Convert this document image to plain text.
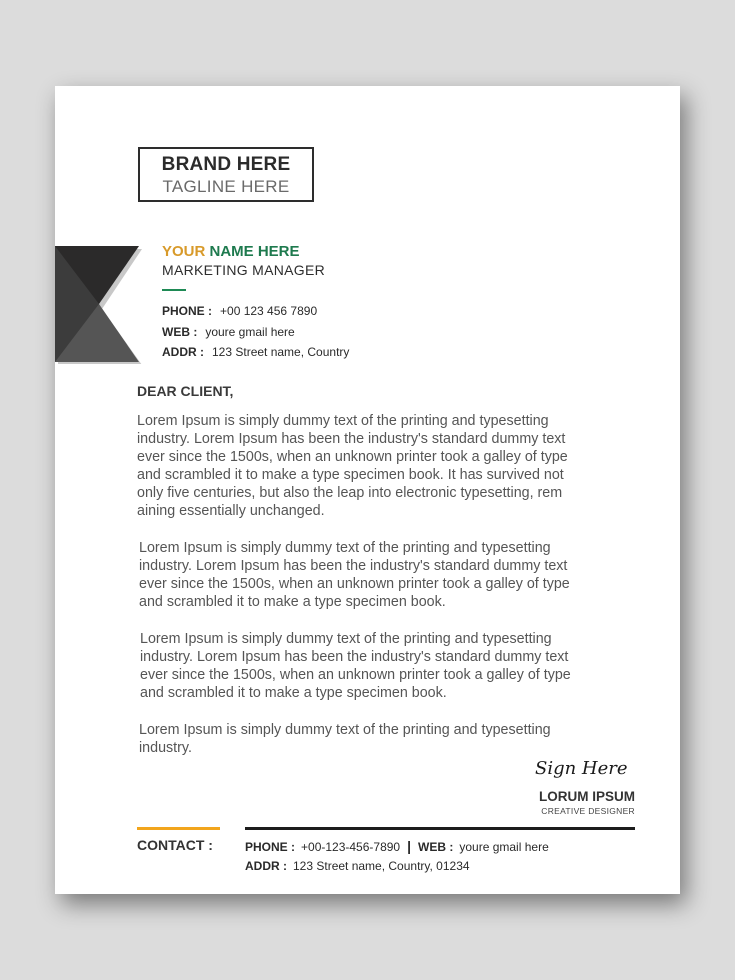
BRAND HERE
TAGLINE HERE
YOUR NAME HERE
MARKETING MANAGER
PHONE : +00 123 456 7890
WEB : youre gmail here
ADDR : 123 Street name, Country
DEAR CLIENT,

Lorem Ipsum is simply dummy text of the printing and typesetting
industry. Lorem Ipsum has been the industry's standard dummy text
ever since the 1500s, when an unknown printer took a galley of type
and scrambled it to make a type specimen book. It has survived not
only five centuries, but also the leap into electronic typesetting, rem
aining essentially unchanged.

Lorem Ipsum is simply dummy text of the printing and typesetting
industry. Lorem Ipsum has been the industry's standard dummy text
ever since the 1500s, when an unknown printer took a galley of type
and scrambled it to make a type specimen book.

Lorem Ipsum is simply dummy text of the printing and typesetting
industry. Lorem Ipsum has been the industry's standard dummy text
ever since the 1500s, when an unknown printer took a galley of type
and scrambled it to make a type specimen book.

Lorem Ipsum is simply dummy text of the printing and typesetting
industry.

Sign Here
LORUM IPSUM
CREATIVE DESIGNER
CONTACT :	PHONE : +00-123-456-7890 | WEB : youre gmail here
ADDR : 123 Street name, Country, 01234
